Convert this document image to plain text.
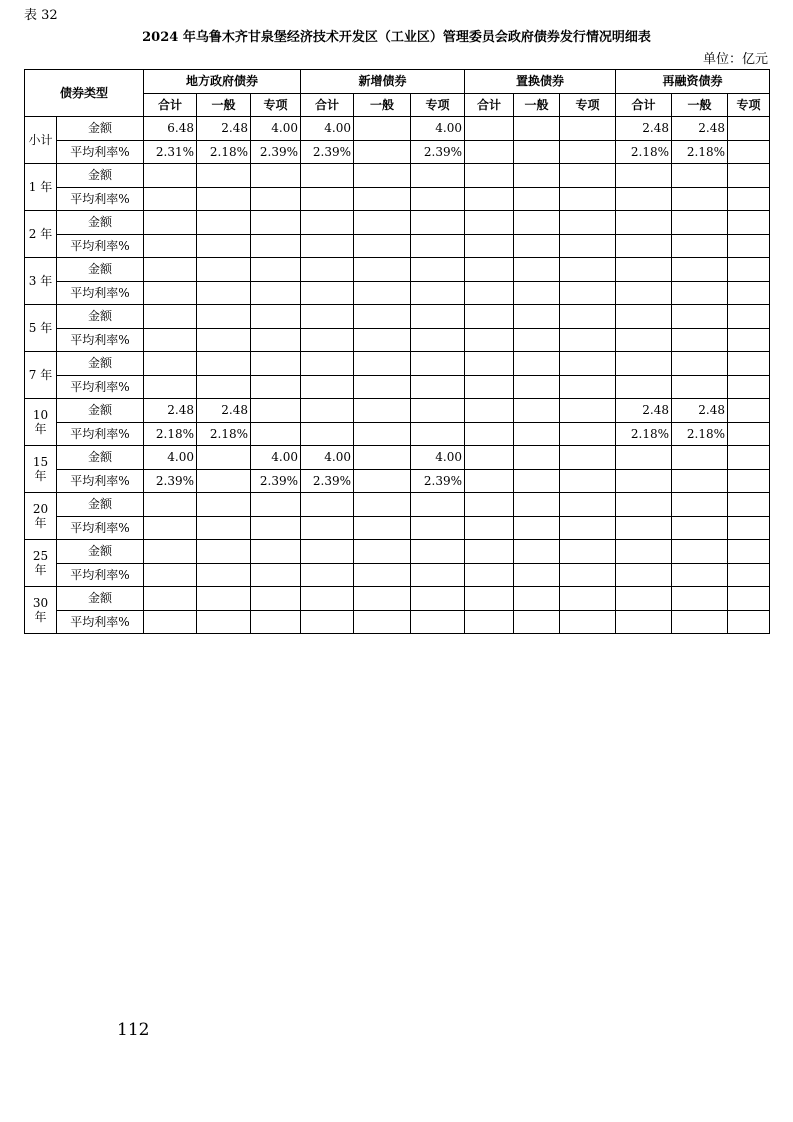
表 32
2024 年乌鲁木齐甘泉堡经济技术开发区（工业区）管理委员会政府债券发行情况明细表
单位：亿元
债券类型		地方政府债券			新增债券			置换债券			再融资债券		
		合计	一般	专项	合计	一般	专项	合计	一般	专项	合计	一般	专项
小计	金额	6.48	2.48	4.00	4.00		4.00				2.48	2.48	
	平均利率%	2.31%	2.18%	2.39%	2.39%		2.39%				2.18%	2.18%	
1 年	金额												
	平均利率%												
2 年	金额												
	平均利率%												
3 年	金额												
	平均利率%												
5 年	金额												
	平均利率%												
7 年	金额												
	平均利率%												
10 年	金额	2.48	2.48								2.48	2.48	
	平均利率%	2.18%	2.18%								2.18%	2.18%	
15 年	金额	4.00		4.00	4.00		4.00						
	平均利率%	2.39%		2.39%	2.39%		2.39%						
20 年	金额												
	平均利率%												
25 年	金额												
	平均利率%												
30 年	金额												
	平均利率%												
112
